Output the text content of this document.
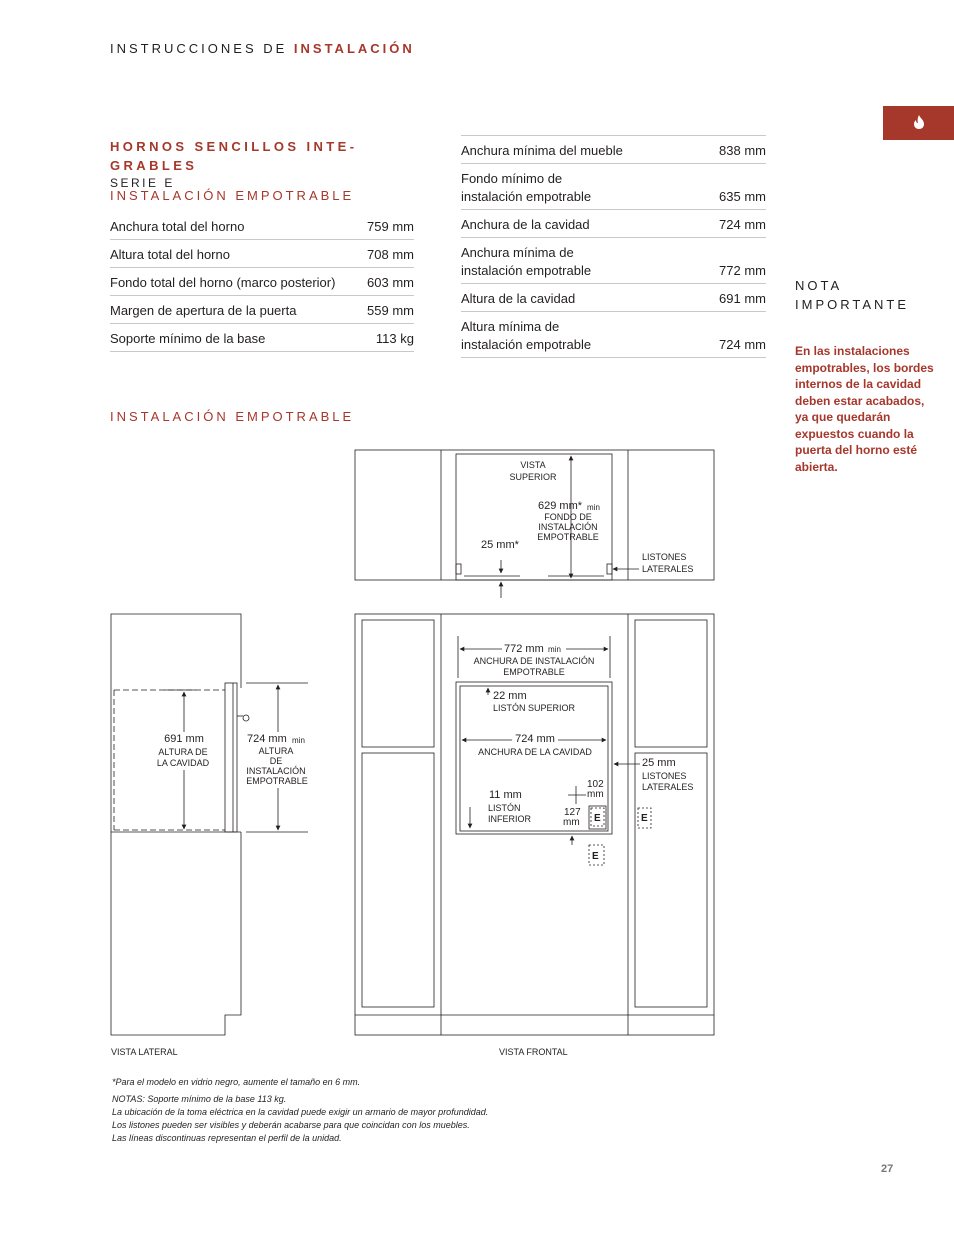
INSTRUCCIONES DE INSTALACIÓN
HORNOS SENCILLOS INTE-
GRABLES
SERIE E
INSTALACIÓN EMPOTRABLE
Anchura total del horno	759 mm
Altura total del horno	708 mm
Fondo total del horno (marco posterior)	603 mm
Margen de apertura de la puerta	559 mm
Soporte mínimo de la base	113 kg
Anchura mínima del mueble	838 mm

Fondo mínimo de
instalación empotrable	635 mm

Anchura de la cavidad	724 mm

Anchura mínima de
instalación empotrable	772 mm

Altura de la cavidad	691 mm

Altura mínima de
instalación empotrable	724 mm
NOTA
IMPORTANTE
En las instalaciones empotrables, los bordes internos de la cavidad deben estar acabados, ya que quedarán expuestos cuando la puerta del horno esté abierta.
INSTALACIÓN EMPOTRABLE
VISTA
SUPERIOR
629 mm* min
FONDO DE
INSTALACIÓN
EMPOTRABLE
25 mm*
LISTONES
LATERALES
691 mm
ALTURA DE
LA CAVIDAD
724 mm min
ALTURA
DE
INSTALACIÓN
EMPOTRABLE
VISTA LATERAL
772 mm min
ANCHURA DE INSTALACIÓN
EMPOTRABLE
22 mm
LISTÓN SUPERIOR
724 mm
ANCHURA DE LA CAVIDAD
25 mm
LISTONES
LATERALES
11 mm
LISTÓN
INFERIOR
102
mm
127
mm E	E
E
VISTA FRONTAL
*Para el modelo en vidrio negro, aumente el tamaño en 6 mm.
NOTAS: Soporte mínimo de la base 113 kg.
La ubicación de la toma eléctrica en la cavidad puede exigir un armario de mayor profundidad.
Los listones pueden ser visibles y deberán acabarse para que coincidan con los muebles.
Las líneas discontinuas representan el perfil de la unidad.
27
